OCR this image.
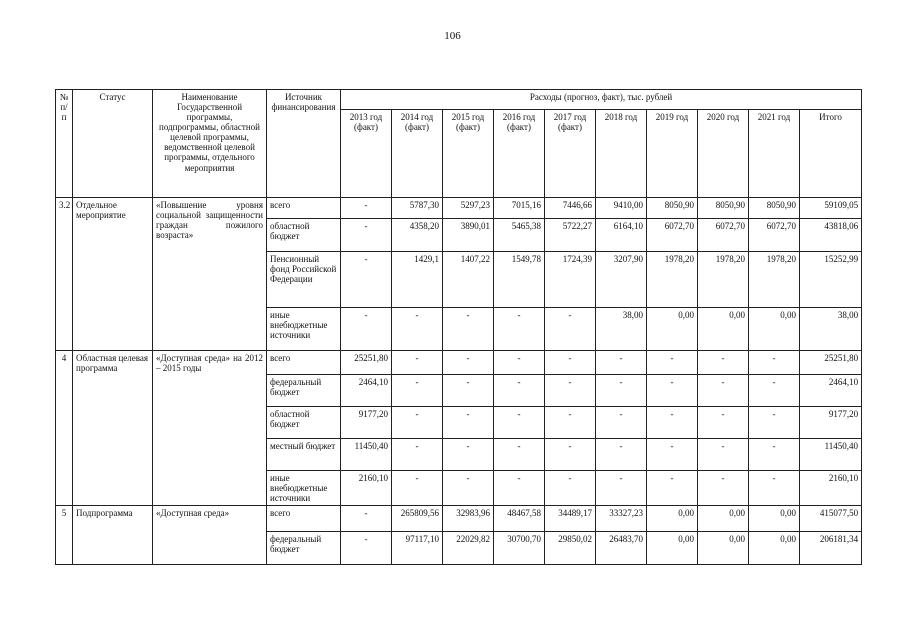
106
№ п/п	Статус	Наименование Государственной программы, подпрограммы, областной целевой программы, ведомственной целевой программы, отдельного мероприятия	Источник финансирования	Расходы (прогноз, факт), тыс. рублей									
				2013 год (факт)	2014 год (факт)	2015 год (факт)	2016 год (факт)	2017 год (факт)	2018 год	2019 год	2020 год	2021 год	Итого
3.2	Отдельное мероприятие	«Повышение уровня социальной защищенности граждан пожилого возраста»	всего	-	5787,30	5297,23	7015,16	7446,66	9410,00	8050,90	8050,90	8050,90	59109,05
			областной бюджет	-	4358,20	3890,01	5465,38	5722,27	6164,10	6072,70	6072,70	6072,70	43818,06
			Пенсионный фонд Российской Федерации	-	1429,1	1407,22	1549,78	1724,39	3207,90	1978,20	1978,20	1978,20	15252,99
			иные внебюджетные источники	-	-	-	-	-	38,00	0,00	0,00	0,00	38,00
4	Областная целевая программа	«Доступная среда» на 2012 – 2015 годы	всего	25251,80	-	-	-	-	-	-	-	-	25251,80
			федеральный бюджет	2464,10	-	-	-	-	-	-	-	-	2464,10
			областной бюджет	9177,20	-	-	-	-	-	-	-	-	9177,20
			местный бюджет	11450,40	-	-	-	-	-	-	-	-	11450,40
			иные внебюджетные источники	2160,10	-	-	-	-	-	-	-	-	2160,10
5	Подпрограмма	«Доступная среда»	всего	-	265809,56	32983,96	48467,58	34489,17	33327,23	0,00	0,00	0,00	415077,50
			федеральный бюджет	-	97117,10	22029,82	30700,70	29850,02	26483,70	0,00	0,00	0,00	206181,34
